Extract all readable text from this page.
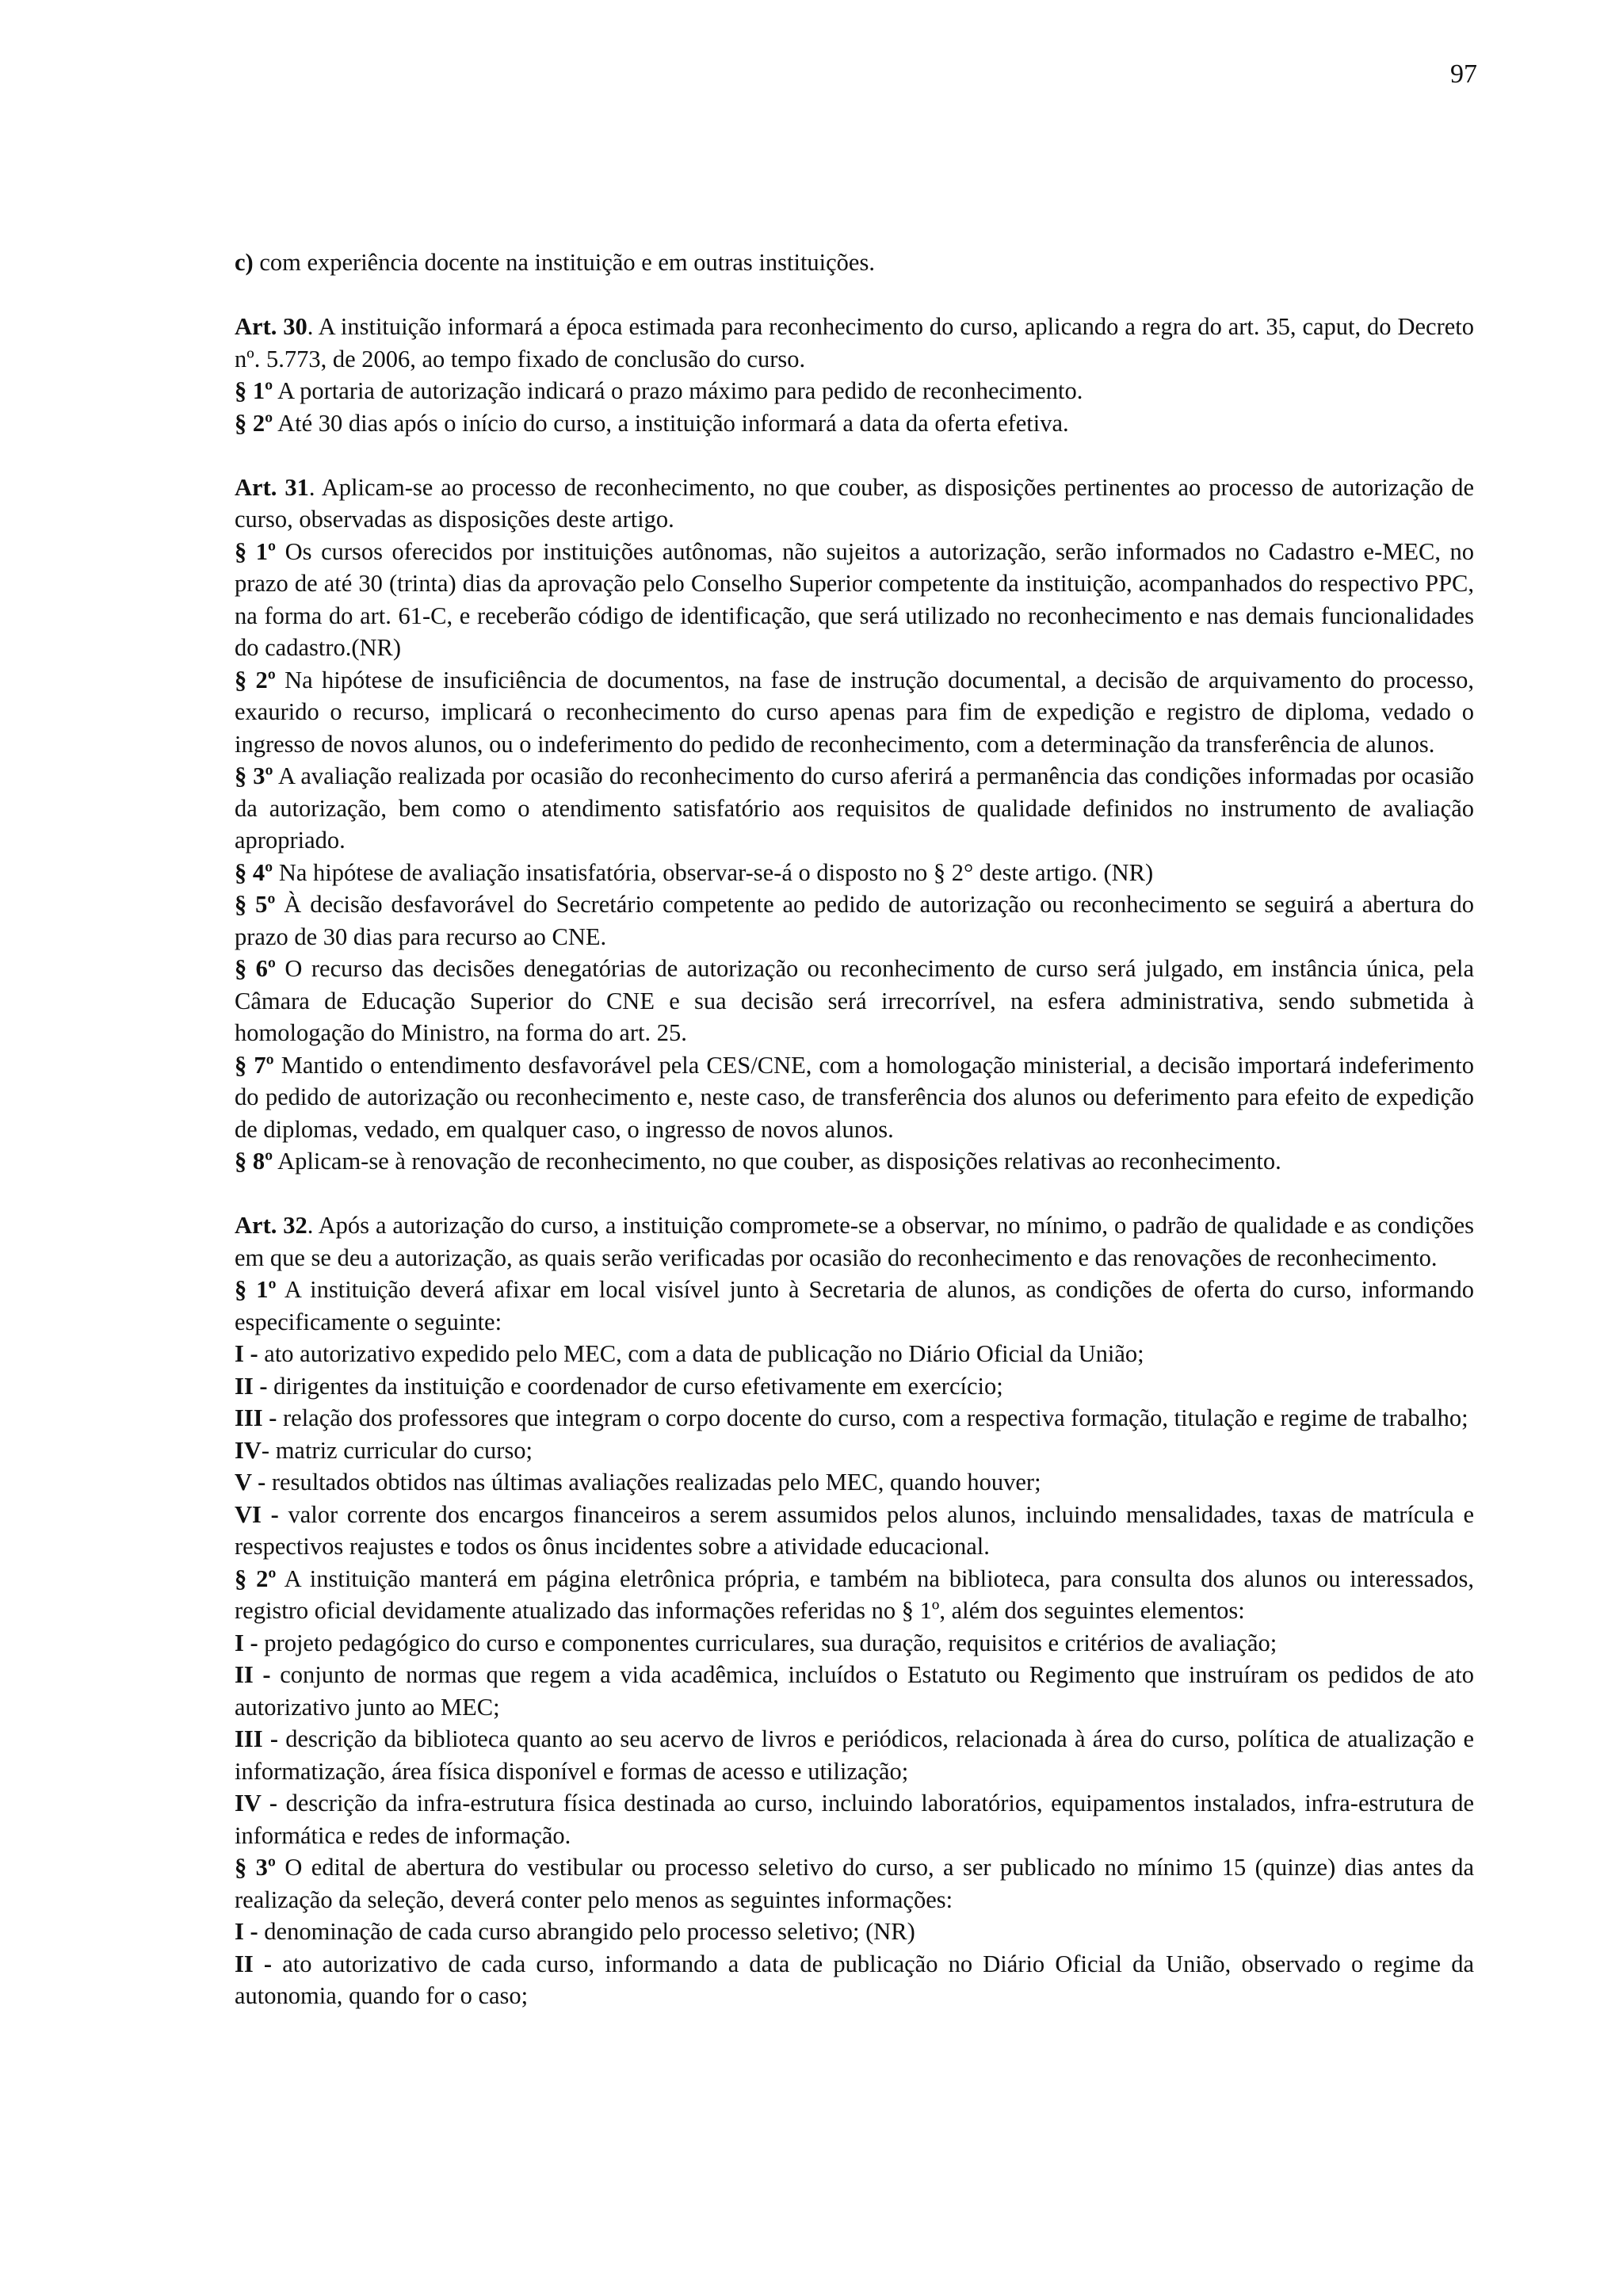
97

c) com experiência docente na instituição e em outras instituições.

Art. 30. A instituição informará a época estimada para reconhecimento do curso, aplicando a regra do art. 35, caput, do Decreto nº. 5.773, de 2006, ao tempo fixado de conclusão do curso.

§ 1º A portaria de autorização indicará o prazo máximo para pedido de reconhecimento.

§ 2º Até 30 dias após o início do curso, a instituição informará a data da oferta efetiva.

Art. 31. Aplicam-se ao processo de reconhecimento, no que couber, as disposições pertinentes ao processo de autorização de curso, observadas as disposições deste artigo.

§ 1º Os cursos oferecidos por instituições autônomas, não sujeitos a autorização, serão informados no Cadastro e-MEC, no prazo de até 30 (trinta) dias da aprovação pelo Conselho Superior competente da instituição, acompanhados do respectivo PPC, na forma do art. 61-C, e receberão código de identificação, que será utilizado no reconhecimento e nas demais funcionalidades do cadastro.(NR)

§ 2º Na hipótese de insuficiência de documentos, na fase de instrução documental, a decisão de arquivamento do processo, exaurido o recurso, implicará o reconhecimento do curso apenas para fim de expedição e registro de diploma, vedado o ingresso de novos alunos, ou o indeferimento do pedido de reconhecimento, com a determinação da transferência de alunos.

§ 3º A avaliação realizada por ocasião do reconhecimento do curso aferirá a permanência das condições informadas por ocasião da autorização, bem como o atendimento satisfatório aos requisitos de qualidade definidos no instrumento de avaliação apropriado.

§ 4º Na hipótese de avaliação insatisfatória, observar-se-á o disposto no § 2° deste artigo. (NR)

§ 5º À decisão desfavorável do Secretário competente ao pedido de autorização ou reconhecimento se seguirá a abertura do prazo de 30 dias para recurso ao CNE.

§ 6º O recurso das decisões denegatórias de autorização ou reconhecimento de curso será julgado, em instância única, pela Câmara de Educação Superior do CNE e sua decisão será irrecorrível, na esfera administrativa, sendo submetida à homologação do Ministro, na forma do art. 25.

§ 7º Mantido o entendimento desfavorável pela CES/CNE, com a homologação ministerial, a decisão importará indeferimento do pedido de autorização ou reconhecimento e, neste caso, de transferência dos alunos ou deferimento para efeito de expedição de diplomas, vedado, em qualquer caso, o ingresso de novos alunos.

§ 8º Aplicam-se à renovação de reconhecimento, no que couber, as disposições relativas ao reconhecimento.

Art. 32. Após a autorização do curso, a instituição compromete-se a observar, no mínimo, o padrão de qualidade e as condições em que se deu a autorização, as quais serão verificadas por ocasião do reconhecimento e das renovações de reconhecimento.

§ 1º A instituição deverá afixar em local visível junto à Secretaria de alunos, as condições de oferta do curso, informando especificamente o seguinte:

I - ato autorizativo expedido pelo MEC, com a data de publicação no Diário Oficial da União;

II - dirigentes da instituição e coordenador de curso efetivamente em exercício;

III - relação dos professores que integram o corpo docente do curso, com a respectiva formação, titulação e regime de trabalho;

IV- matriz curricular do curso;

V - resultados obtidos nas últimas avaliações realizadas pelo MEC, quando houver;

VI - valor corrente dos encargos financeiros a serem assumidos pelos alunos, incluindo mensalidades, taxas de matrícula e respectivos reajustes e todos os ônus incidentes sobre a atividade educacional.

§ 2º A instituição manterá em página eletrônica própria, e também na biblioteca, para consulta dos alunos ou interessados, registro oficial devidamente atualizado das informações referidas no § 1º, além dos seguintes elementos:

I - projeto pedagógico do curso e componentes curriculares, sua duração, requisitos e critérios de avaliação;

II - conjunto de normas que regem a vida acadêmica, incluídos o Estatuto ou Regimento que instruíram os pedidos de ato autorizativo junto ao MEC;

III - descrição da biblioteca quanto ao seu acervo de livros e periódicos, relacionada à área do curso, política de atualização e informatização, área física disponível e formas de acesso e utilização;

IV - descrição da infra-estrutura física destinada ao curso, incluindo laboratórios, equipamentos instalados, infra-estrutura de informática e redes de informação.

§ 3º O edital de abertura do vestibular ou processo seletivo do curso, a ser publicado no mínimo 15 (quinze) dias antes da realização da seleção, deverá conter pelo menos as seguintes informações:

I - denominação de cada curso abrangido pelo processo seletivo; (NR)

II - ato autorizativo de cada curso, informando a data de publicação no Diário Oficial da União, observado o regime da autonomia, quando for o caso;
